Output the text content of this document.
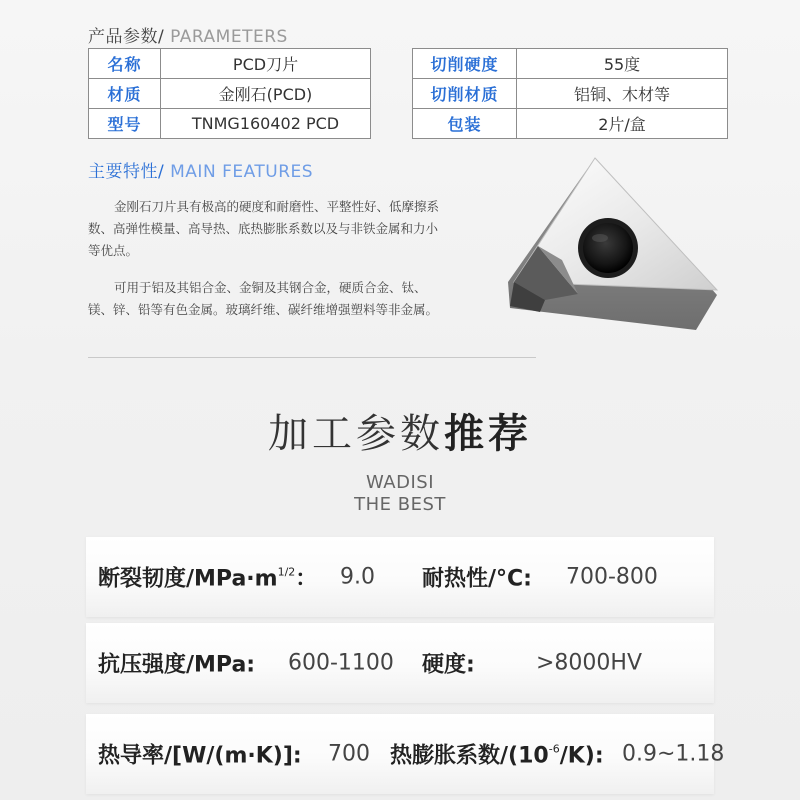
产品参数/ PARAMETERS
名称	PCD刀片
材质	金刚石(PCD)
型号	TNMG160402 PCD
切削硬度	55度
切削材质	铝铜、木材等
包装	2片/盒
主要特性/ MAIN FEATURES

金刚石刀片具有极高的硬度和耐磨性、平整性好、低摩擦系数、高弹性模量、高导热、底热膨胀系数以及与非铁金属和力小等优点。

可用于铝及其铝合金、金铜及其钢合金，硬质合金、钛、镁、锌、铅等有色金属。玻璃纤维、碳纤维增强塑料等非金属。

加工参数推荐
WADISI
THE BEST
断裂韧度$/MPa\cdot m^{1/2}$： 9.0 耐热性/°C: 700-800
抗压强度/MPa: 600-1100 硬度:	>8000HV
热导率/[W/(m·K)]: 700 热膨胀系数$/(10^{-6}/K)$: 0.9~1.18
